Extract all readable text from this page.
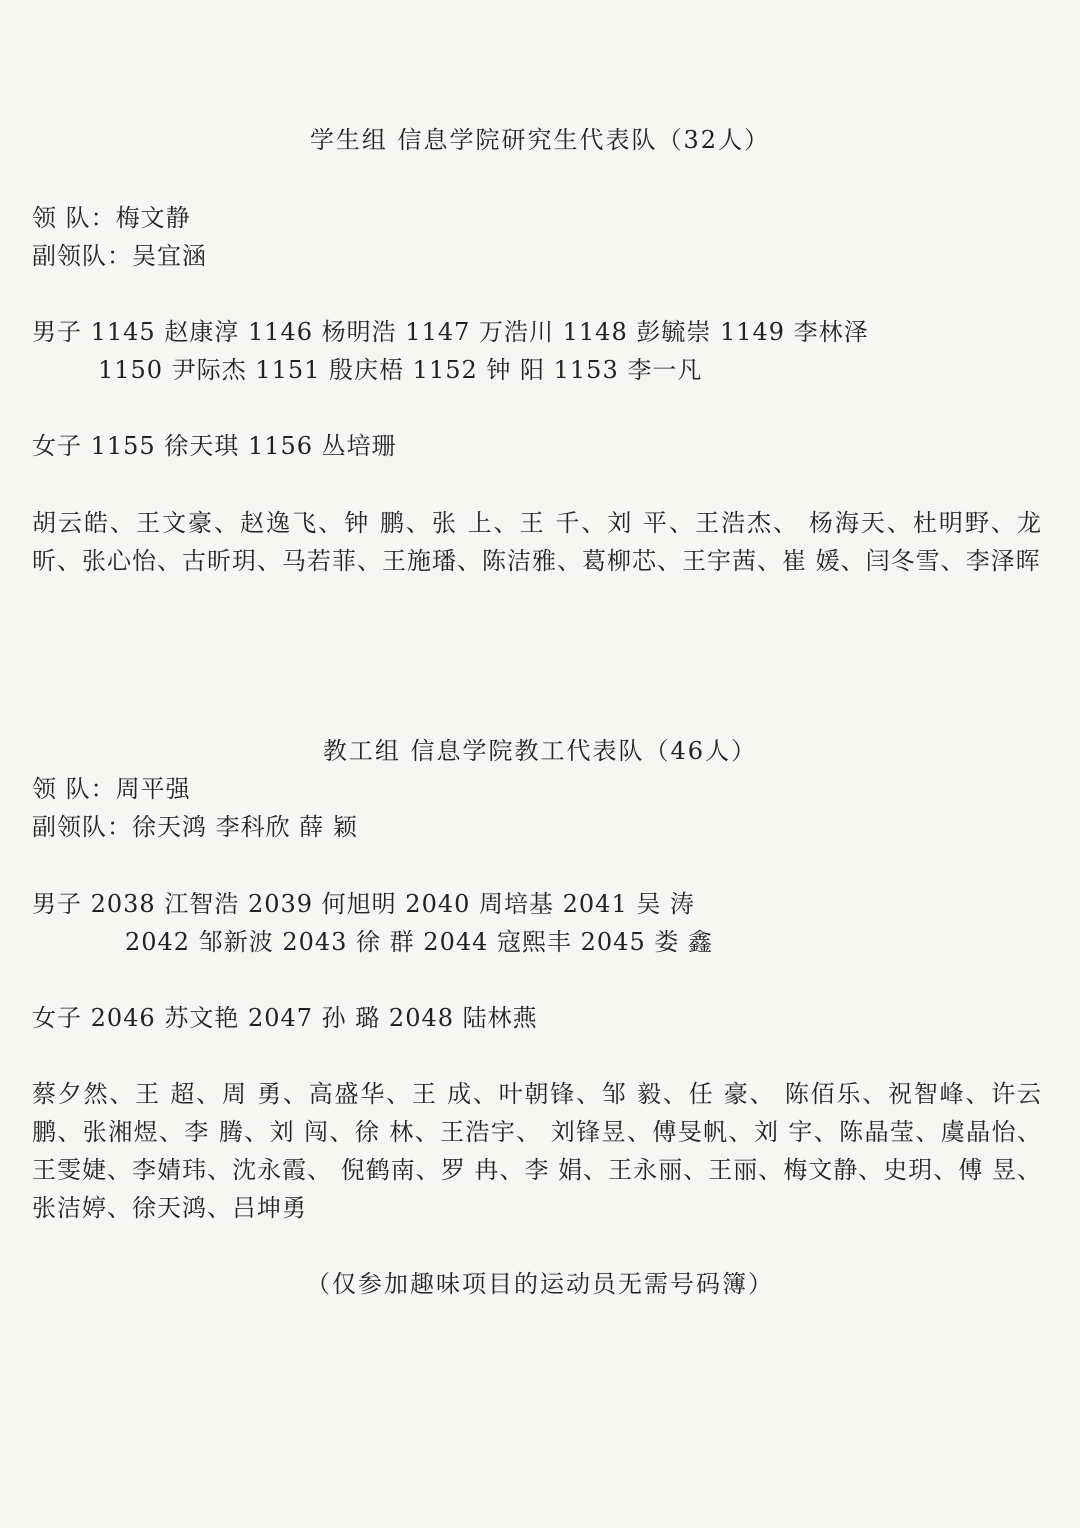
学生组 信息学院研究生代表队（32人）
领 队：梅文静
副领队：吴宜涵
男子 1145 赵康淳 1146 杨明浩 1147 万浩川 1148 彭毓崇 1149 李林泽
1150 尹际杰 1151 殷庆梧 1152 钟 阳 1153 李一凡
女子 1155 徐天琪 1156 丛培珊
胡云皓、王文豪、赵逸飞、钟 鹏、张 上、王 千、刘 平、王浩杰、 杨海天、杜明野、龙 昕、张心怡、古昕玥、马若菲、王施璠、陈洁雅、葛柳芯、王宇茜、崔 媛、闫冬雪、李泽晖
教工组 信息学院教工代表队（46人）
领 队：周平强
副领队：徐天鸿 李科欣 薛 颖
男子 2038 江智浩 2039 何旭明 2040 周培基 2041 吴 涛
2042 邹新波 2043 徐 群 2044 寇熙丰 2045 娄 鑫
女子 2046 苏文艳 2047 孙 璐 2048 陆林燕
蔡夕然、王 超、周 勇、高盛华、王 成、叶朝锋、邹 毅、任 豪、 陈佰乐、祝智峰、许云鹏、张湘煜、李 腾、刘 闯、徐 林、王浩宇、 刘锋昱、傅旻帆、刘 宇、陈晶莹、虞晶怡、王雯婕、李婧玮、沈永霞、 倪鹤南、罗 冉、李 娟、王永丽、王丽、梅文静、史玥、傅 昱、张洁婷、徐天鸿、吕坤勇
（仅参加趣味项目的运动员无需号码簿）
